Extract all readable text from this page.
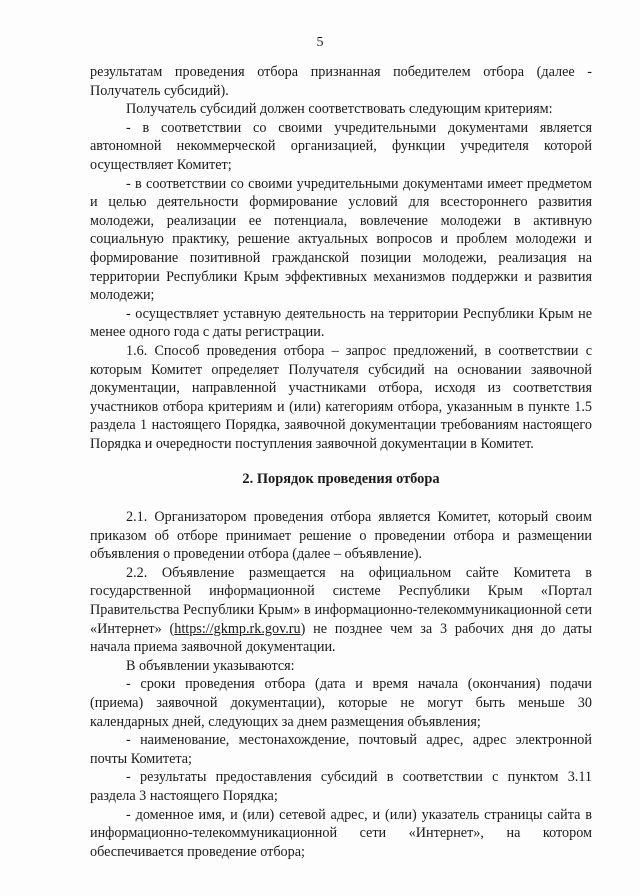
5

результатам проведения отбора признанная победителем отбора (далее - Получатель субсидий).

Получатель субсидий должен соответствовать следующим критериям:

- в соответствии со своими учредительными документами является автономной некоммерческой организацией, функции учредителя которой осуществляет Комитет;

- в соответствии со своими учредительными документами имеет предметом и целью деятельности формирование условий для всестороннего развития молодежи, реализации ее потенциала, вовлечение молодежи в активную социальную практику, решение актуальных вопросов и проблем молодежи и формирование позитивной гражданской позиции молодежи, реализация на территории Республики Крым эффективных механизмов поддержки и развития молодежи;

- осуществляет уставную деятельность на территории Республики Крым не менее одного года с даты регистрации.

1.6. Способ проведения отбора – запрос предложений, в соответствии с которым Комитет определяет Получателя субсидий на основании заявочной документации, направленной участниками отбора, исходя из соответствия участников отбора критериям и (или) категориям отбора, указанным в пункте 1.5 раздела 1 настоящего Порядка, заявочной документации требованиям настоящего Порядка и очередности поступления заявочной документации в Комитет.

2. Порядок проведения отбора

2.1. Организатором проведения отбора является Комитет, который своим приказом об отборе принимает решение о проведении отбора и размещении объявления о проведении отбора (далее – объявление).

2.2. Объявление размещается на официальном сайте Комитета в государственной информационной системе Республики Крым «Портал Правительства Республики Крым» в информационно-телекоммуникационной сети «Интернет» (https://gkmp.rk.gov.ru) не позднее чем за 3 рабочих дня до даты начала приема заявочной документации.

В объявлении указываются:

- сроки проведения отбора (дата и время начала (окончания) подачи (приема) заявочной документации), которые не могут быть меньше 30 календарных дней, следующих за днем размещения объявления;

- наименование, местонахождение, почтовый адрес, адрес электронной почты Комитета;

- результаты предоставления субсидий в соответствии с пунктом 3.11 раздела 3 настоящего Порядка;

- доменное имя, и (или) сетевой адрес, и (или) указатель страницы сайта в информационно-телекоммуникационной сети «Интернет», на котором обеспечивается проведение отбора;
